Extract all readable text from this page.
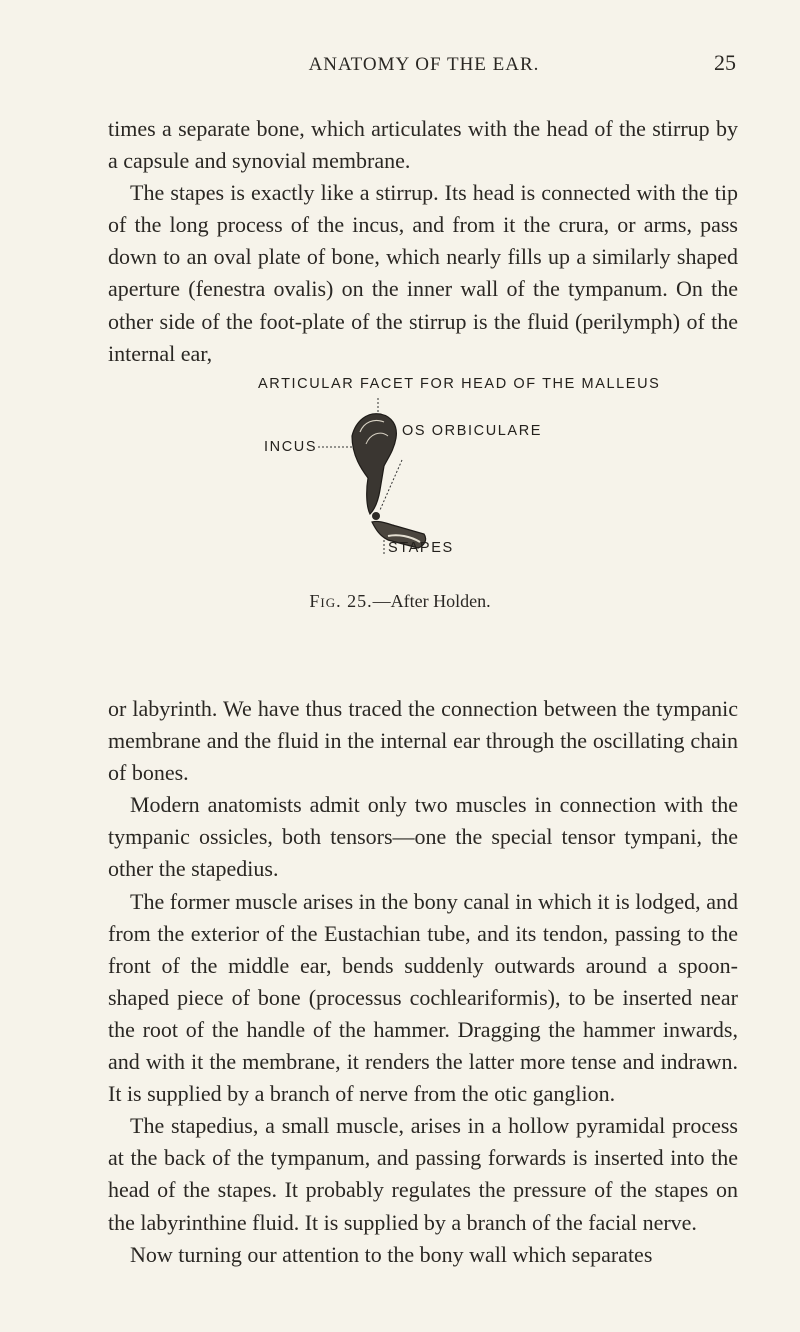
ANATOMY OF THE EAR.	25

times a separate bone, which articulates with the head of the stirrup by a capsule and synovial membrane.

The stapes is exactly like a stirrup. Its head is connected with the tip of the long process of the incus, and from it the crura, or arms, pass down to an oval plate of bone, which nearly fills up a similarly shaped aperture (fenestra ovalis) on the inner wall of the tympanum. On the other side of the foot-plate of the stirrup is the fluid (perilymph) of the internal ear,

ARTICULAR FACET FOR HEAD OF THE MALLEUS
OS ORBICULARE
INCUS
STAPES
Fig. 25.—After Holden.

or labyrinth. We have thus traced the connection between the tympanic membrane and the fluid in the internal ear through the oscillating chain of bones.

Modern anatomists admit only two muscles in connection with the tympanic ossicles, both tensors—one the special tensor tympani, the other the stapedius.

The former muscle arises in the bony canal in which it is lodged, and from the exterior of the Eustachian tube, and its tendon, passing to the front of the middle ear, bends suddenly outwards around a spoon-shaped piece of bone (processus cochleariformis), to be inserted near the root of the handle of the hammer. Dragging the hammer inwards, and with it the membrane, it renders the latter more tense and indrawn. It is supplied by a branch of nerve from the otic ganglion.

The stapedius, a small muscle, arises in a hollow pyramidal process at the back of the tympanum, and passing forwards is inserted into the head of the stapes. It probably regulates the pressure of the stapes on the labyrinthine fluid. It is supplied by a branch of the facial nerve.

Now turning our attention to the bony wall which separates
